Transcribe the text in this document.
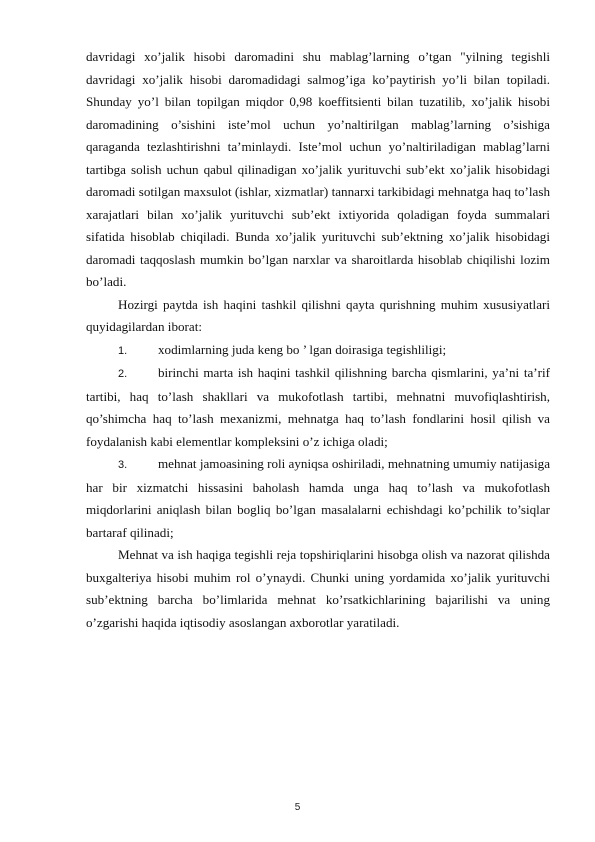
davridagi xo’jalik hisobi daromadini shu mablag’larning o’tgan "yilning tegishli davridagi xo’jalik hisobi daromadidagi salmog’iga ko’paytirish yo’li bilan topiladi. Shunday yo’l bilan topilgan miqdor 0,98 koeffitsienti bilan tuzatilib, xo’jalik hisobi daromadining o’sishini iste’mol uchun yo’naltirilgan mablag’larning o’sishiga qaraganda tezlashtirishni ta’minlaydi. Iste’mol uchun yo’naltiriladigan mablag’larni tartibga solish uchun qabul qilinadigan xo’jalik yurituvchi sub’ekt xo’jalik hisobidagi daromadi sotilgan maxsulot (ishlar, xizmatlar) tannarxi tarkibidagi mehnatga haq to’lash xarajatlari bilan xo’jalik yurituvchi sub’ekt ixtiyorida qoladigan foyda summalari sifatida hisoblab chiqiladi. Bunda xo’jalik yurituvchi sub’ektning xo’jalik hisobidagi daromadi taqqoslash mumkin bo’lgan narxlar va sharoitlarda hisoblab chiqilishi lozim bo’ladi.

Hozirgi paytda ish haqini tashkil qilishni qayta qurishning muhim xususiyatlari quyidagilardan iborat:

1. xodimlarning juda keng bo ’ lgan doirasiga tegishliligi;

2. birinchi marta ish haqini tashkil qilishning barcha qismlarini, ya’ni ta’rif tartibi, haq to’lash shakllari va mukofotlash tartibi, mehnatni muvofiqlashtirish, qo’shimcha haq to’lash mexanizmi, mehnatga haq to’lash fondlarini hosil qilish va foydalanish kabi elementlar kompleksini o’z ichiga oladi;

3. mehnat jamoasining roli ayniqsa oshiriladi, mehnatning umumiy natijasiga har bir xizmatchi hissasini baholash hamda unga haq to’lash va mukofotlash miqdorlarini aniqlash bilan bogliq bo’lgan masalalarni echishdagi ko’pchilik to’siqlar bartaraf qilinadi;

Mehnat va ish haqiga tegishli reja topshiriqlarini hisobga olish va nazorat qilishda buxgalteriya hisobi muhim rol o’ynaydi. Chunki uning yordamida xo’jalik yurituvchi sub’ektning barcha bo’limlarida mehnat ko’rsatkichlarining bajarilishi va uning o’zgarishi haqida iqtisodiy asoslangan axborotlar yaratiladi.

5
